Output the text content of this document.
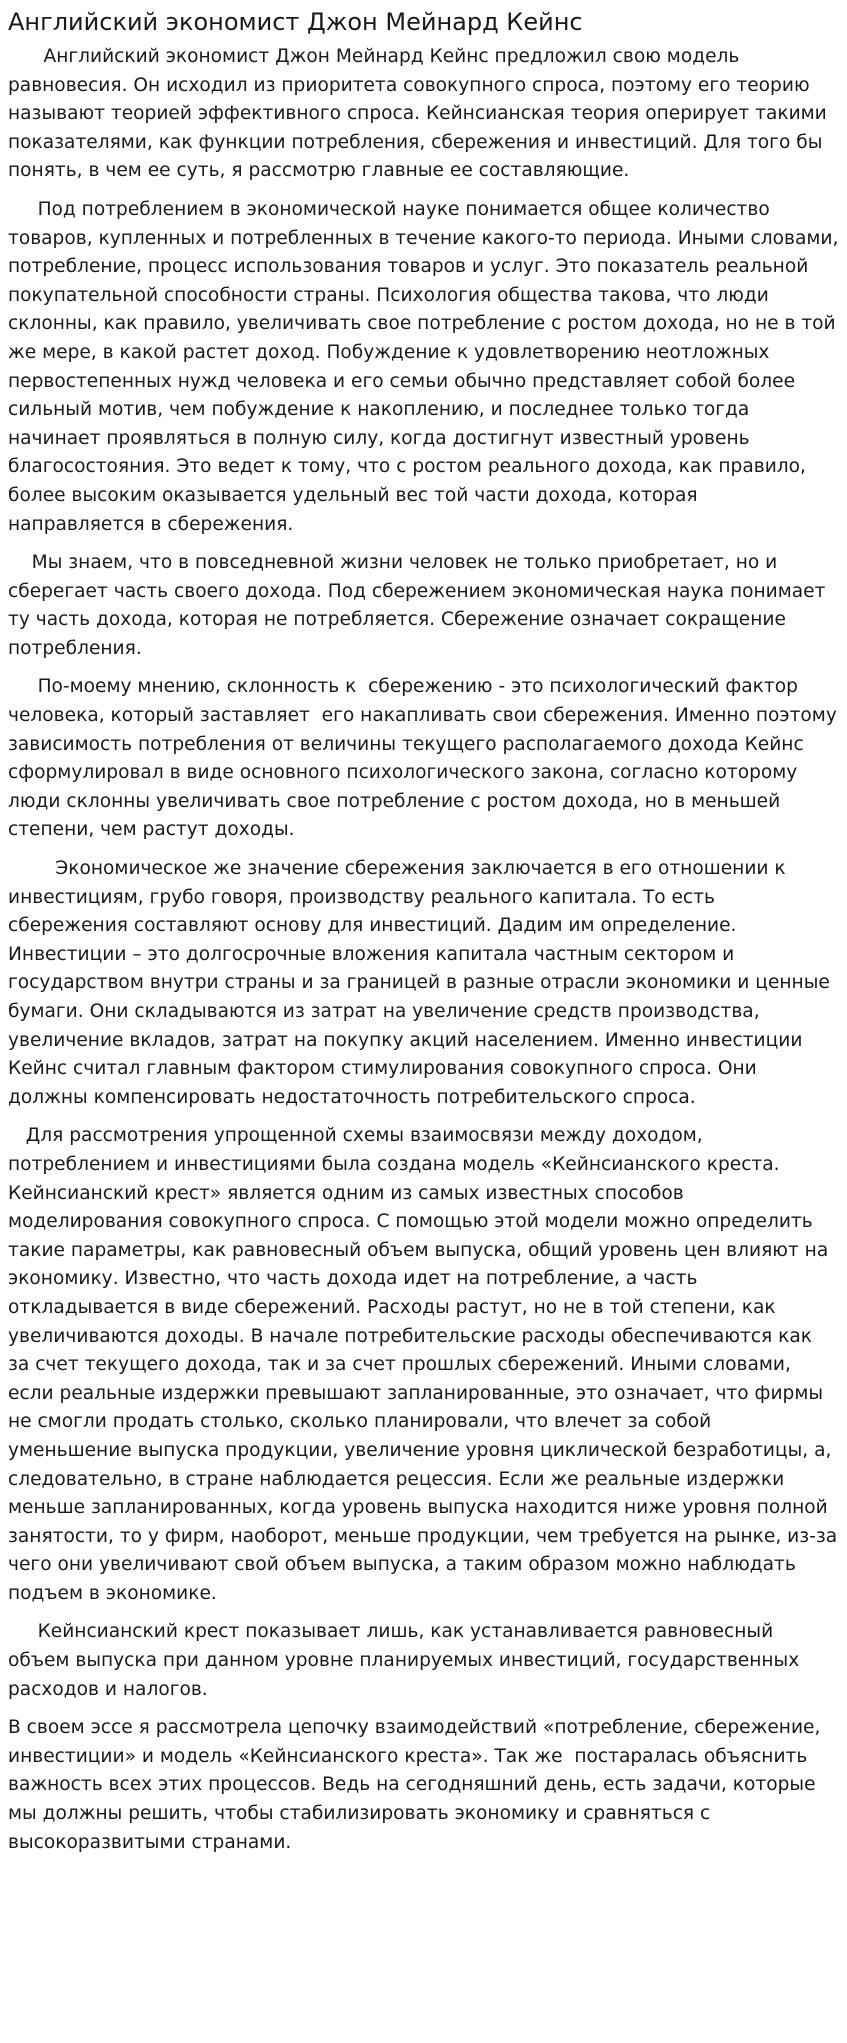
Английский экономист Джон Мейнард Кейнс

Английский экономист Джон Мейнард Кейнс предложил свою модель равновесия. Он исходил из приоритета совокупного спроса, поэтому его теорию называют теорией эффективного спроса. Кейнсианская теория оперирует такими показателями, как функции потребления, сбережения и инвестиций. Для того бы понять, в чем ее суть, я рассмотрю главные ее составляющие.

Под потреблением в экономической науке понимается общее количество товаров, купленных и потребленных в течение какого-то периода. Иными словами, потребление, процесс использования товаров и услуг. Это показатель реальной покупательной способности страны. Психология общества такова, что люди склонны, как правило, увеличивать свое потребление с ростом дохода, но не в той же мере, в какой растет доход. Побуждение к удовлетворению неотложных первостепенных нужд человека и его семьи обычно представляет собой более сильный мотив, чем побуждение к накоплению, и последнее только тогда начинает проявляться в полную силу, когда достигнут известный уровень благосостояния. Это ведет к тому, что с ростом реального дохода, как правило, более высоким оказывается удельный вес той части дохода, которая направляется в сбережения.

Мы знаем, что в повседневной жизни человек не только приобретает, но и сберегает часть своего дохода. Под сбережением экономическая наука понимает ту часть дохода, которая не потребляется. Сбережение означает сокращение потребления.

По-моему мнению, склонность к  сбережению - это психологический фактор человека, который заставляет  его накапливать свои сбережения. Именно поэтому зависимость потребления от величины текущего располагаемого дохода Кейнс сформулировал в виде основного психологического закона, согласно которому люди склонны увеличивать свое потребление с ростом дохода, но в меньшей степени, чем растут доходы.

Экономическое же значение сбережения заключается в его отношении к инвестициям, грубо говоря, производству реального капитала. То есть сбережения составляют основу для инвестиций. Дадим им определение. Инвестиции – это долгосрочные вложения капитала частным сектором и государством внутри страны и за границей в разные отрасли экономики и ценные бумаги. Они складываются из затрат на увеличение средств производства, увеличение вкладов, затрат на покупку акций населением. Именно инвестиции Кейнс считал главным фактором стимулирования совокупного спроса. Они должны компенсировать недостаточность потребительского спроса.

Для рассмотрения упрощенной схемы взаимосвязи между доходом, потреблением и инвестициями была создана модель «Кейнсианского креста. Кейнсианский крест» является одним из самых известных способов моделирования совокупного спроса. С помощью этой модели можно определить такие параметры, как равновесный объем выпуска, общий уровень цен влияют на  экономику. Известно, что часть дохода идет на потребление, а часть откладывается в виде сбережений. Расходы растут, но не в той степени, как увеличиваются доходы. В начале потребительские расходы обеспечиваются как за счет текущего дохода, так и за счет прошлых сбережений. Иными словами, если реальные издержки превышают запланированные, это означает, что фирмы не смогли продать столько, сколько планировали, что влечет за собой уменьшение выпуска продукции, увеличение уровня циклической безработицы, а, следовательно, в стране наблюдается рецессия. Если же реальные издержки меньше запланированных, когда уровень выпуска находится ниже уровня полной занятости, то у фирм, наоборот, меньше продукции, чем требуется на рынке, из-за чего они увеличивают свой объем выпуска, а таким образом можно наблюдать подъем в экономике.

Кейнсианский крест показывает лишь, как устанавливается равновесный объем выпуска при данном уровне планируемых инвестиций, государственных расходов и налогов.

В своем эссе я рассмотрела цепочку взаимодействий «потребление, сбережение, инвестиции» и модель «Кейнсианского креста». Так же  постаралась объяснить важность всех этих процессов. Ведь на сегодняшний день, есть задачи, которые мы должны решить, чтобы стабилизировать экономику и сравняться с высокоразвитыми странами.
